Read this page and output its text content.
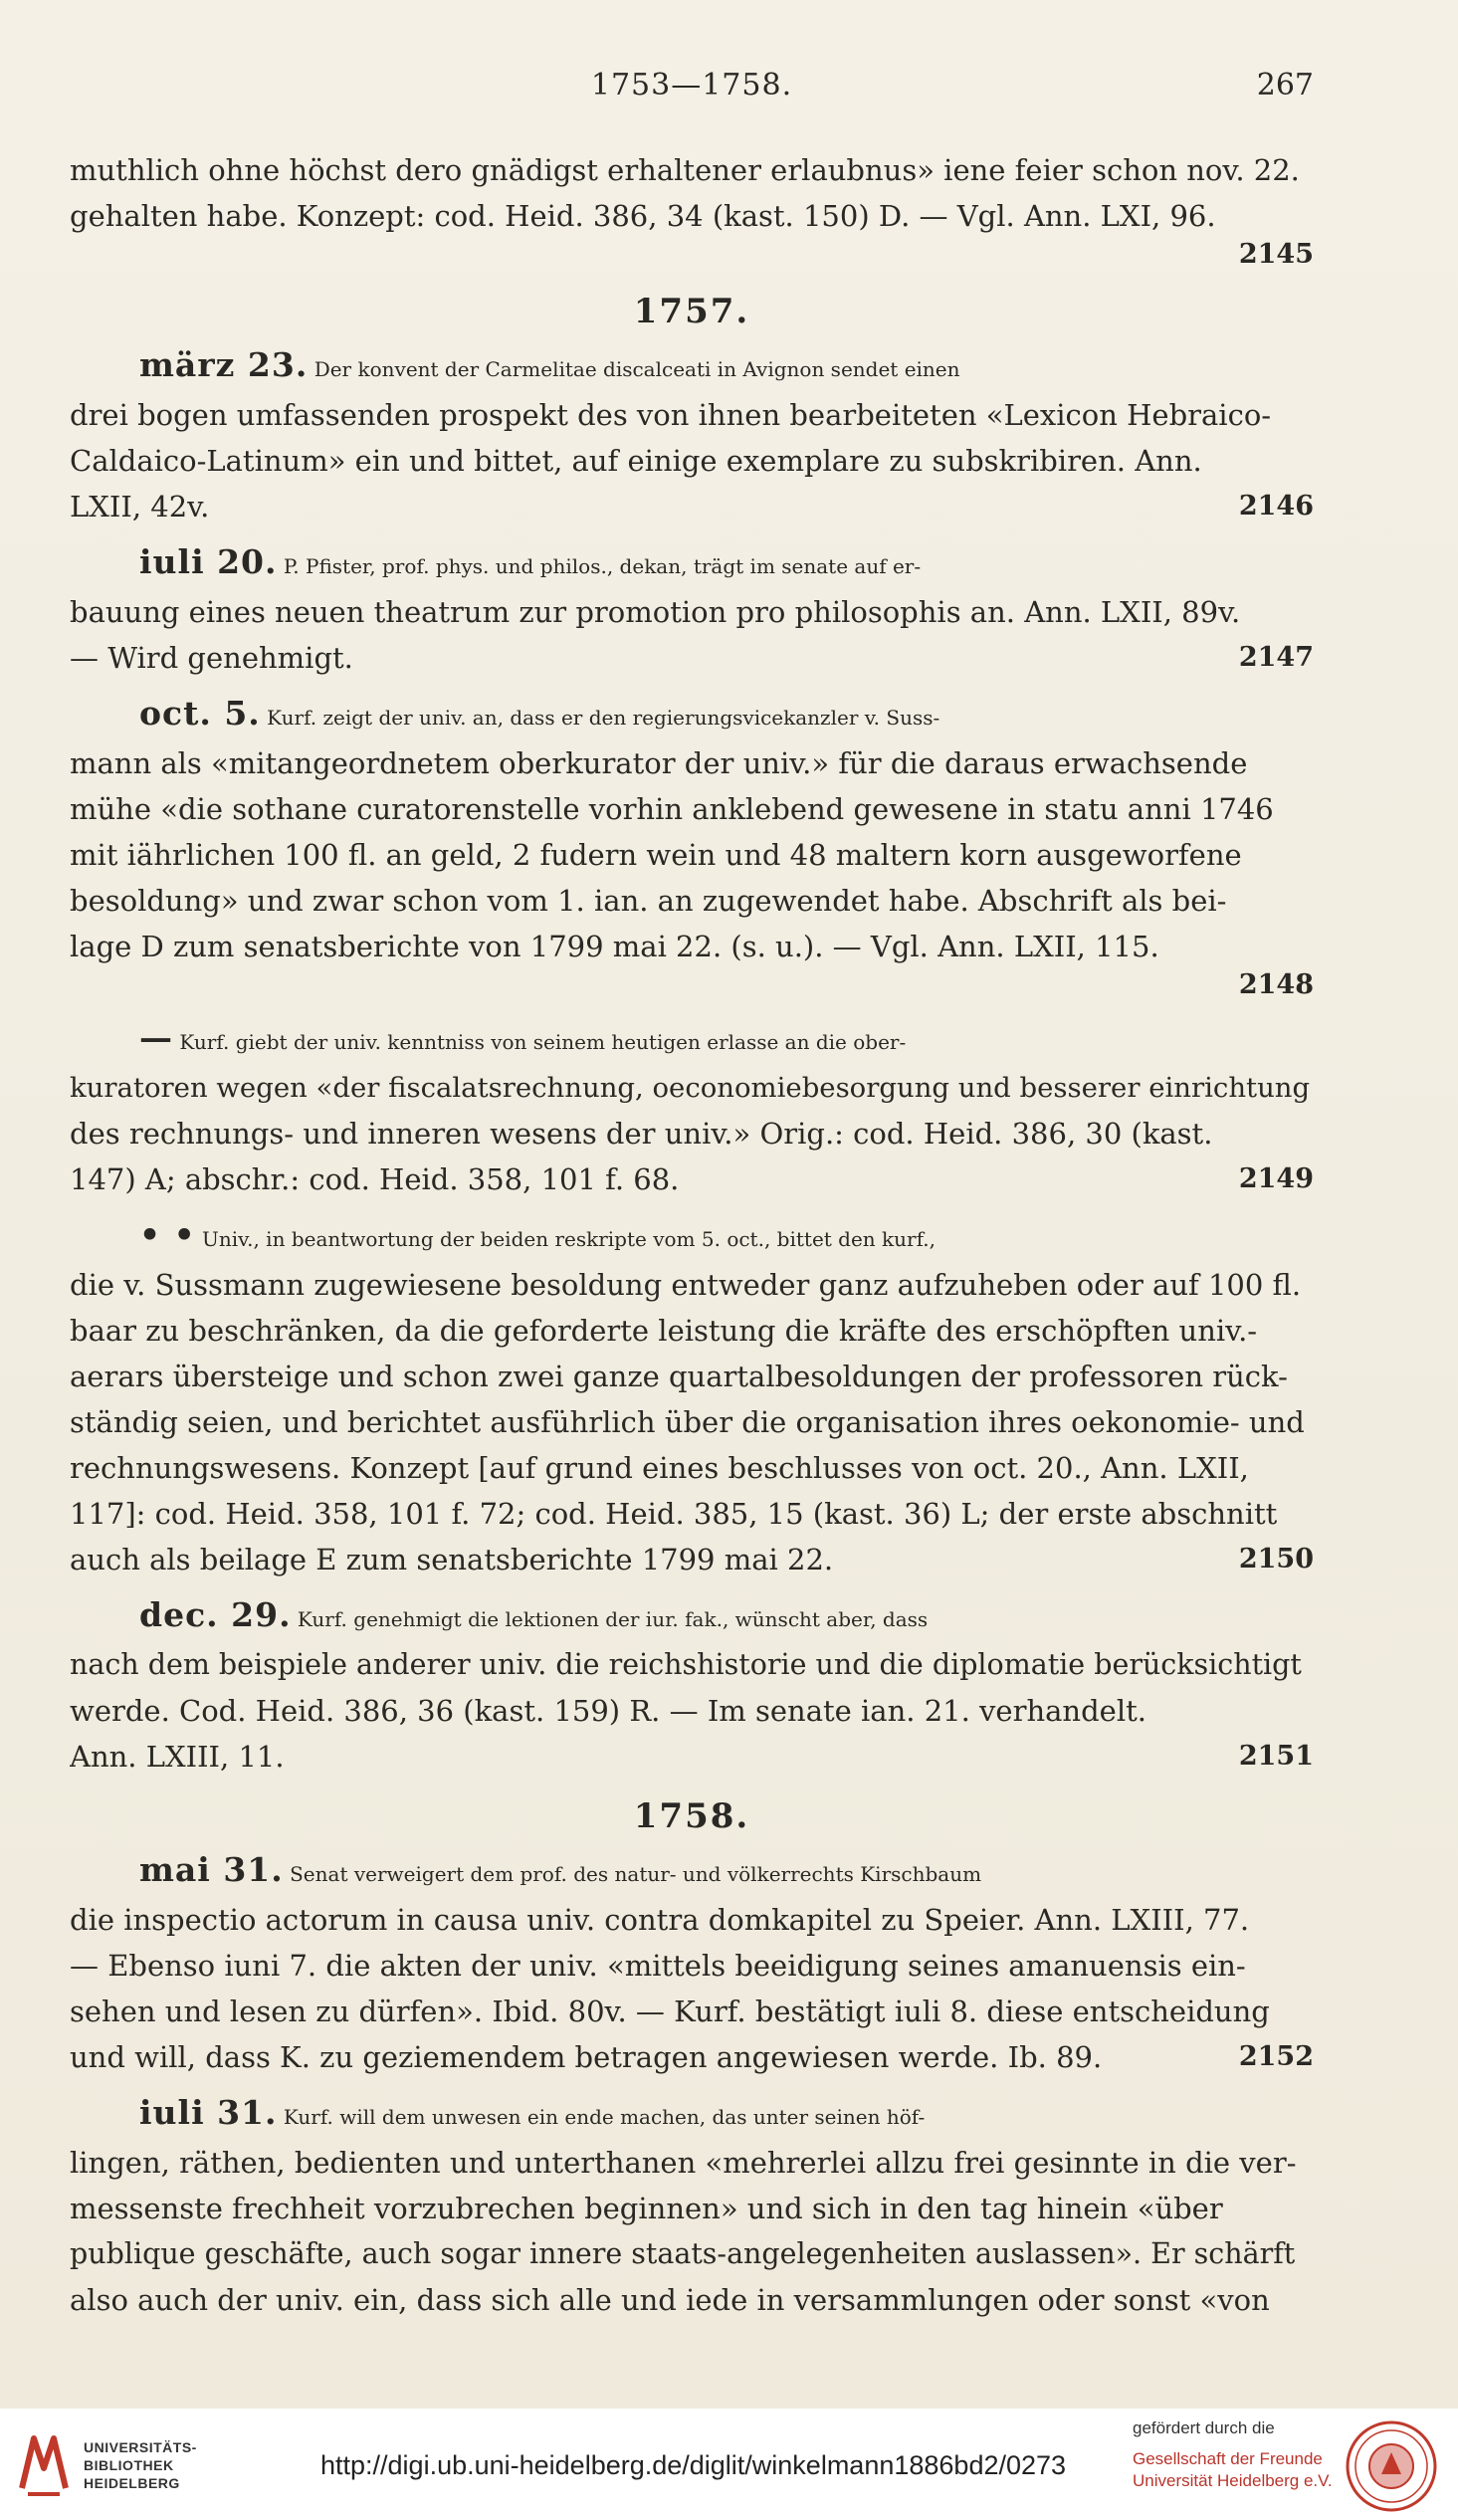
1753—1758.	267
muthlich ohne höchst dero gnädigst erhaltener erlaubnus» iene feier schon nov. 22.
gehalten habe. Konzept: cod. Heid. 386, 34 (kast. 150) D. — Vgl. Ann. LXI, 96.
2145
1757.
märz 23. Der konvent der Carmelitae discalceati in Avignon sendet einen
drei bogen umfassenden prospekt des von ihnen bearbeiteten «Lexicon Hebraico-
Caldaico-Latinum» ein und bittet, auf einige exemplare zu subskribiren. Ann.
LXII, 42v.	2146
iuli 20. P. Pfister, prof. phys. und philos., dekan, trägt im senate auf er-
bauung eines neuen theatrum zur promotion pro philosophis an. Ann. LXII, 89v.
— Wird genehmigt.	2147
oct. 5. Kurf. zeigt der univ. an, dass er den regierungsvicekanzler v. Suss-
mann als «mitangeordnetem oberkurator der univ.» für die daraus erwachsende
mühe «die sothane curatorenstelle vorhin anklebend gewesene in statu anni 1746
mit iährlichen 100 fl. an geld, 2 fudern wein und 48 maltern korn ausgeworfene
besoldung» und zwar schon vom 1. ian. an zugewendet habe. Abschrift als bei-
lage D zum senatsberichte von 1799 mai 22. (s. u.). — Vgl. Ann. LXII, 115.
2148
— Kurf. giebt der univ. kenntniss von seinem heutigen erlasse an die ober-
kuratoren wegen «der fiscalatsrechnung, oeconomiebesorgung und besserer einrichtung
des rechnungs- und inneren wesens der univ.» Orig.: cod. Heid. 386, 30 (kast.
147) A; abschr.: cod. Heid. 358, 101 f. 68.	2149
• • Univ., in beantwortung der beiden reskripte vom 5. oct., bittet den kurf.,
die v. Sussmann zugewiesene besoldung entweder ganz aufzuheben oder auf 100 fl.
baar zu beschränken, da die geforderte leistung die kräfte des erschöpften univ.-
aerars übersteige und schon zwei ganze quartalbesoldungen der professoren rück-
ständig seien, und berichtet ausführlich über die organisation ihres oekonomie- und
rechnungswesens. Konzept [auf grund eines beschlusses von oct. 20., Ann. LXII,
117]: cod. Heid. 358, 101 f. 72; cod. Heid. 385, 15 (kast. 36) L; der erste abschnitt
auch als beilage E zum senatsberichte 1799 mai 22.	2150
dec. 29. Kurf. genehmigt die lektionen der iur. fak., wünscht aber, dass
nach dem beispiele anderer univ. die reichshistorie und die diplomatie berücksichtigt
werde. Cod. Heid. 386, 36 (kast. 159) R. — Im senate ian. 21. verhandelt.
Ann. LXIII, 11.	2151
1758.
mai 31. Senat verweigert dem prof. des natur- und völkerrechts Kirschbaum
die inspectio actorum in causa univ. contra domkapitel zu Speier. Ann. LXIII, 77.
— Ebenso iuni 7. die akten der univ. «mittels beeidigung seines amanuensis ein-
sehen und lesen zu dürfen». Ibid. 80v. — Kurf. bestätigt iuli 8. diese entscheidung
und will, dass K. zu geziemendem betragen angewiesen werde. Ib. 89.	2152
iuli 31. Kurf. will dem unwesen ein ende machen, das unter seinen höf-
lingen, räthen, bedienten und unterthanen «mehrerlei allzu frei gesinnte in die ver-
messenste frechheit vorzubrechen beginnen» und sich in den tag hinein «über
publique geschäfte, auch sogar innere staats-angelegenheiten auslassen». Er schärft
also auch der univ. ein, dass sich alle und iede in versammlungen oder sonst «von
UNIVERSITÄTS-
BIBLIOTHEK
HEIDELBERG
http://digi.ub.uni-heidelberg.de/diglit/winkelmann1886bd2/0273
gefördert durch die
Gesellschaft der Freunde
Universität Heidelberg e.V.
